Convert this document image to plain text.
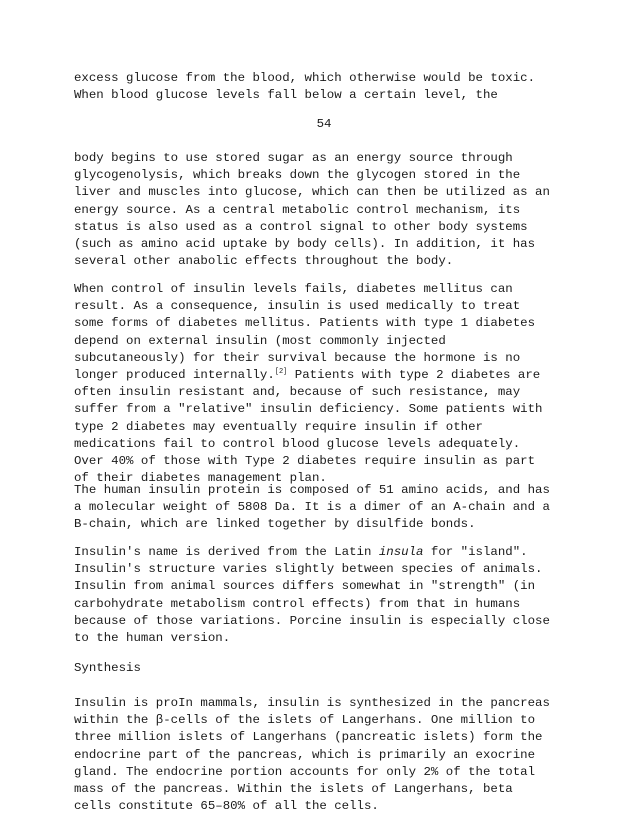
excess glucose from the blood, which otherwise would be toxic.
When blood glucose levels fall below a certain level, the
54
body begins to use stored sugar as an energy source through
glycogenolysis, which breaks down the glycogen stored in the
liver and muscles into glucose, which can then be utilized as an
energy source. As a central metabolic control mechanism, its
status is also used as a control signal to other body systems
(such as amino acid uptake by body cells). In addition, it has
several other anabolic effects throughout the body.
When control of insulin levels fails, diabetes mellitus can
result. As a consequence, insulin is used medically to treat
some forms of diabetes mellitus. Patients with type 1 diabetes
depend on external insulin (most commonly injected
subcutaneously) for their survival because the hormone is no
longer produced internally.[2] Patients with type 2 diabetes are
often insulin resistant and, because of such resistance, may
suffer from a "relative" insulin deficiency. Some patients with
type 2 diabetes may eventually require insulin if other
medications fail to control blood glucose levels adequately.
Over 40% of those with Type 2 diabetes require insulin as part
of their diabetes management plan.
The human insulin protein is composed of 51 amino acids, and has
a molecular weight of 5808 Da. It is a dimer of an A-chain and a
B-chain, which are linked together by disulfide bonds.
Insulin's name is derived from the Latin insula for "island".
Insulin's structure varies slightly between species of animals.
Insulin from animal sources differs somewhat in "strength" (in
carbohydrate metabolism control effects) from that in humans
because of those variations. Porcine insulin is especially close
to the human version.
Synthesis
Insulin is proIn mammals, insulin is synthesized in the pancreas
within the β-cells of the islets of Langerhans. One million to
three million islets of Langerhans (pancreatic islets) form the
endocrine part of the pancreas, which is primarily an exocrine
gland. The endocrine portion accounts for only 2% of the total
mass of the pancreas. Within the islets of Langerhans, beta
cells constitute 65–80% of all the cells.
